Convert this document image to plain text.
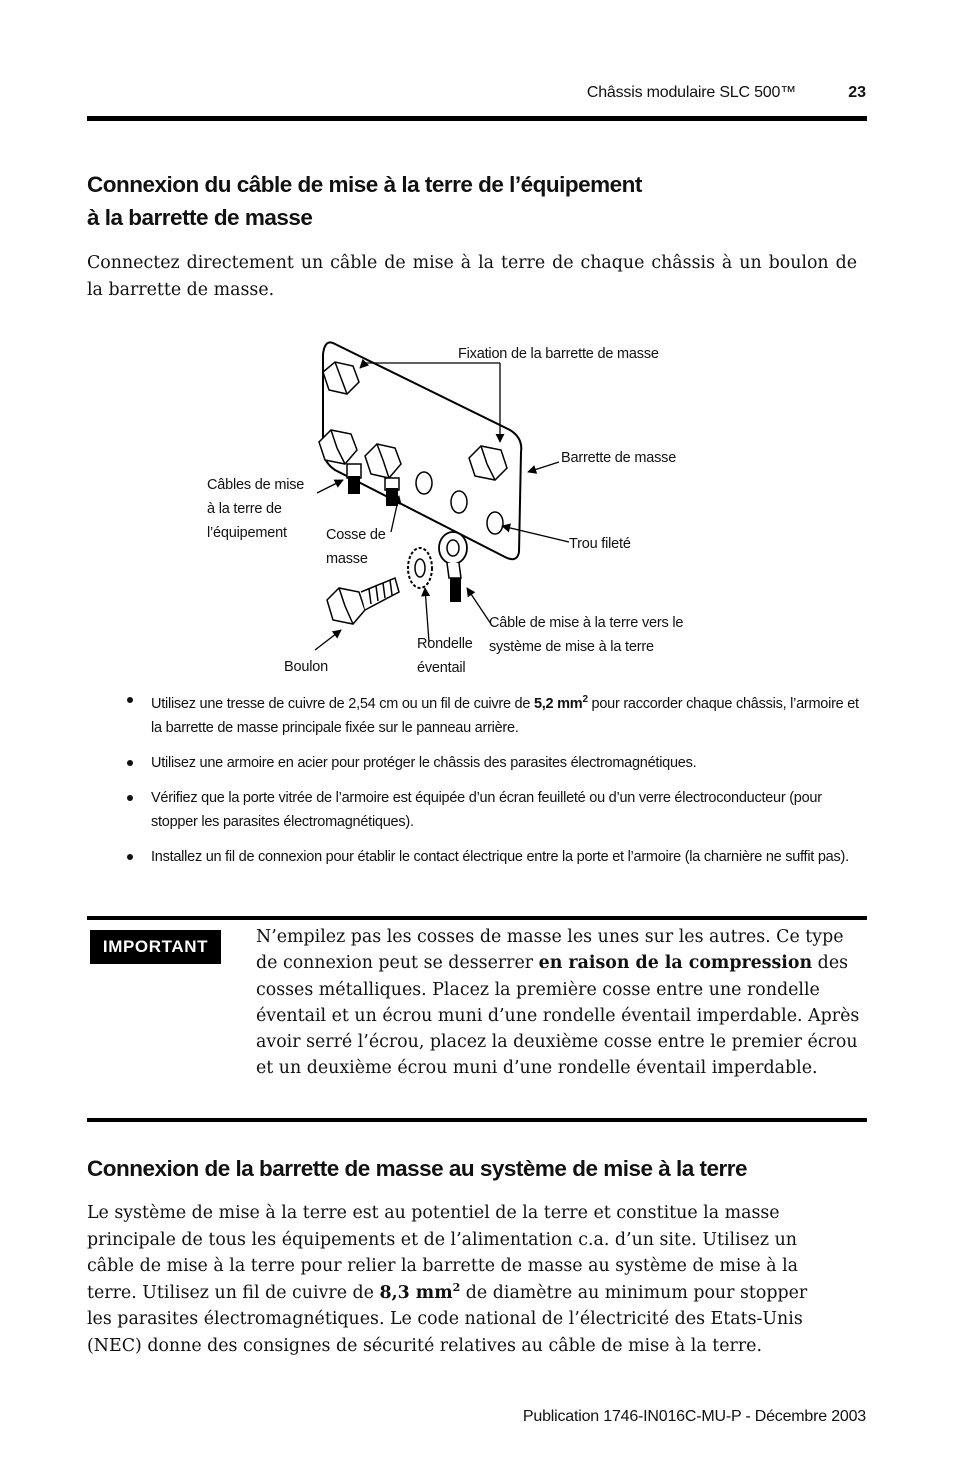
Châssis modulaire SLC 500™	23
Connexion du câble de mise à la terre de l’équipement
à la barrette de masse

Connectez directement un câble de mise à la terre de chaque châssis à un boulon de la barrette de masse.

Fixation de la barrette de masse
Barrette de masse
Câbles de mise
à la terre de
l’équipement	Cosse de
masse
Trou fileté
Câble de mise à la terre vers le
système de mise à la terre
Rondelle
éventail
Boulon
Utilisez une tresse de cuivre de 2,54 cm ou un fil de cuivre de 5,2 $mm^2$ pour raccorder chaque châssis, l’armoire et la barrette de masse principale fixée sur le panneau arrière.
Utilisez une armoire en acier pour protéger le châssis des parasites électromagnétiques.
Vérifiez que la porte vitrée de l’armoire est équipée d’un écran feuilleté ou d’un verre électroconducteur (pour stopper les parasites électromagnétiques).
Installez un fil de connexion pour établir le contact électrique entre la porte et l’armoire (la charnière ne suffit pas).
IMPORTANT	N’empilez pas les cosses de masse les unes sur les autres. Ce type de connexion peut se desserrer en raison de la compression des cosses métalliques. Placez la première cosse entre une rondelle éventail et un écrou muni d’une rondelle éventail imperdable. Après avoir serré l’écrou, placez la deuxième cosse entre le premier écrou et un deuxième écrou muni d’une rondelle éventail imperdable.
Connexion de la barrette de masse au système de mise à la terre

Le système de mise à la terre est au potentiel de la terre et constitue la masse principale de tous les équipements et de l’alimentation c.a. d’un site. Utilisez un câble de mise à la terre pour relier la barrette de masse au système de mise à la terre. Utilisez un fil de cuivre de 8,3 $mm^2$ de diamètre au minimum pour stopper les parasites électromagnétiques. Le code national de l’électricité des Etats-Unis (NEC) donne des consignes de sécurité relatives au câble de mise à la terre.

Publication 1746-IN016C-MU-P - Décembre 2003
